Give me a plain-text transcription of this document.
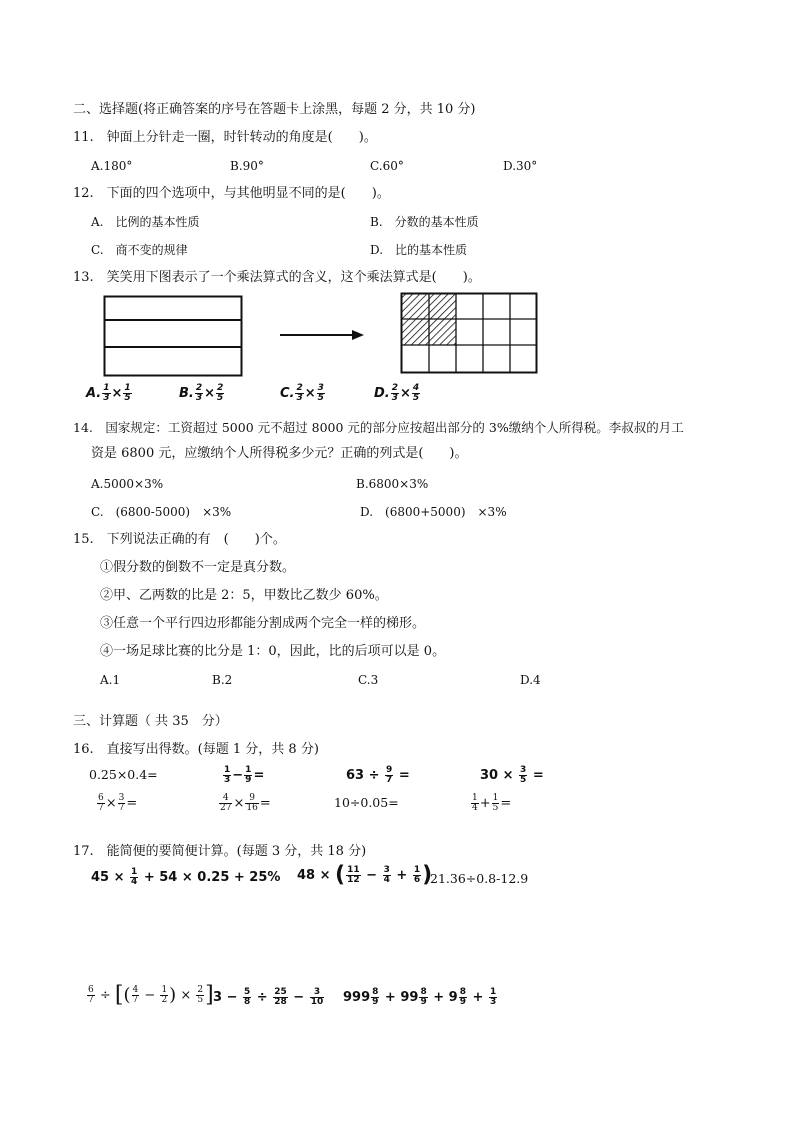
二、选择题(将正确答案的序号在答题卡上涂黑，每题 2 分，共 10 分)
11.　钟面上分针走一圈，时针转动的角度是(　　)。
A.180°	B.90°	C.60°	D.30°
12.　下面的四个选项中，与其他明显不同的是(　　)。
A.　比例的基本性质	B.　分数的基本性质
C.　商不变的规律	D.　比的基本性质
13.　笑笑用下图表示了一个乘法算式的含义，这个乘法算式是(　　)。
A. $\frac{1}{3} \times \frac{1}{5}$	B. $\frac{2}{3} \times \frac{2}{5}$	C. $\frac{2}{3} \times \frac{3}{5}$	D. $\frac{2}{3} \times \frac{4}{5}$
14.　国家规定：工资超过 5000 元不超过 8000 元的部分应按超出部分的 3%缴纳个人所得税。李叔叔的月工
资是 6800 元，应缴纳个人所得税多少元？正确的列式是(　　)。
A.5000×3%	B.6800×3%
C.　(6800-5000)　×3%	D.　(6800+5000)　×3%
15.　下列说法正确的有　(　　)个。
①假分数的倒数不一定是真分数。
②甲、乙两数的比是 2：5，甲数比乙数少 60%。
③任意一个平行四边形都能分割成两个完全一样的梯形。
④一场足球比赛的比分是 1：0，因此，比的后项可以是 0。
A.1	B.2	C.3	D.4
三、计算题（ 共 35　分）
16.　直接写出得数。(每题 1 分，共 8 分)
0.25×0.4=	$\frac{1}{3} - \frac{1}{9}$ =	$63 \div \frac{9}{7}$ =	$30 \times \frac{3}{5}$ =
$\frac{6}{7} \times \frac{3}{7}$ =	$\frac{4}{27} \times \frac{9}{16}$ =	10÷0.05=	$\frac{1}{4} + \frac{1}{5}$ =
17.　能简便的要简便计算。(每题 3 分，共 18 分)
$45 \times \frac{1}{4} + 54 \times 0.25 + 25\%$ 48 × ( $\frac{11}{12} - \frac{3}{4} + \frac{1}{6}$ )
21.36÷0.8-12.9
$\frac{6}{7}$ ÷ [( $\frac{4}{7} - \frac{1}{2}$ ) × $\frac{2}{5}$ ] $3 - \frac{5}{8} \div \frac{25}{28} - \frac{3}{10} 999 \frac{8}{9} + 99 \frac{8}{9} + 9 \frac{8}{9} + \frac{1}{3}$
